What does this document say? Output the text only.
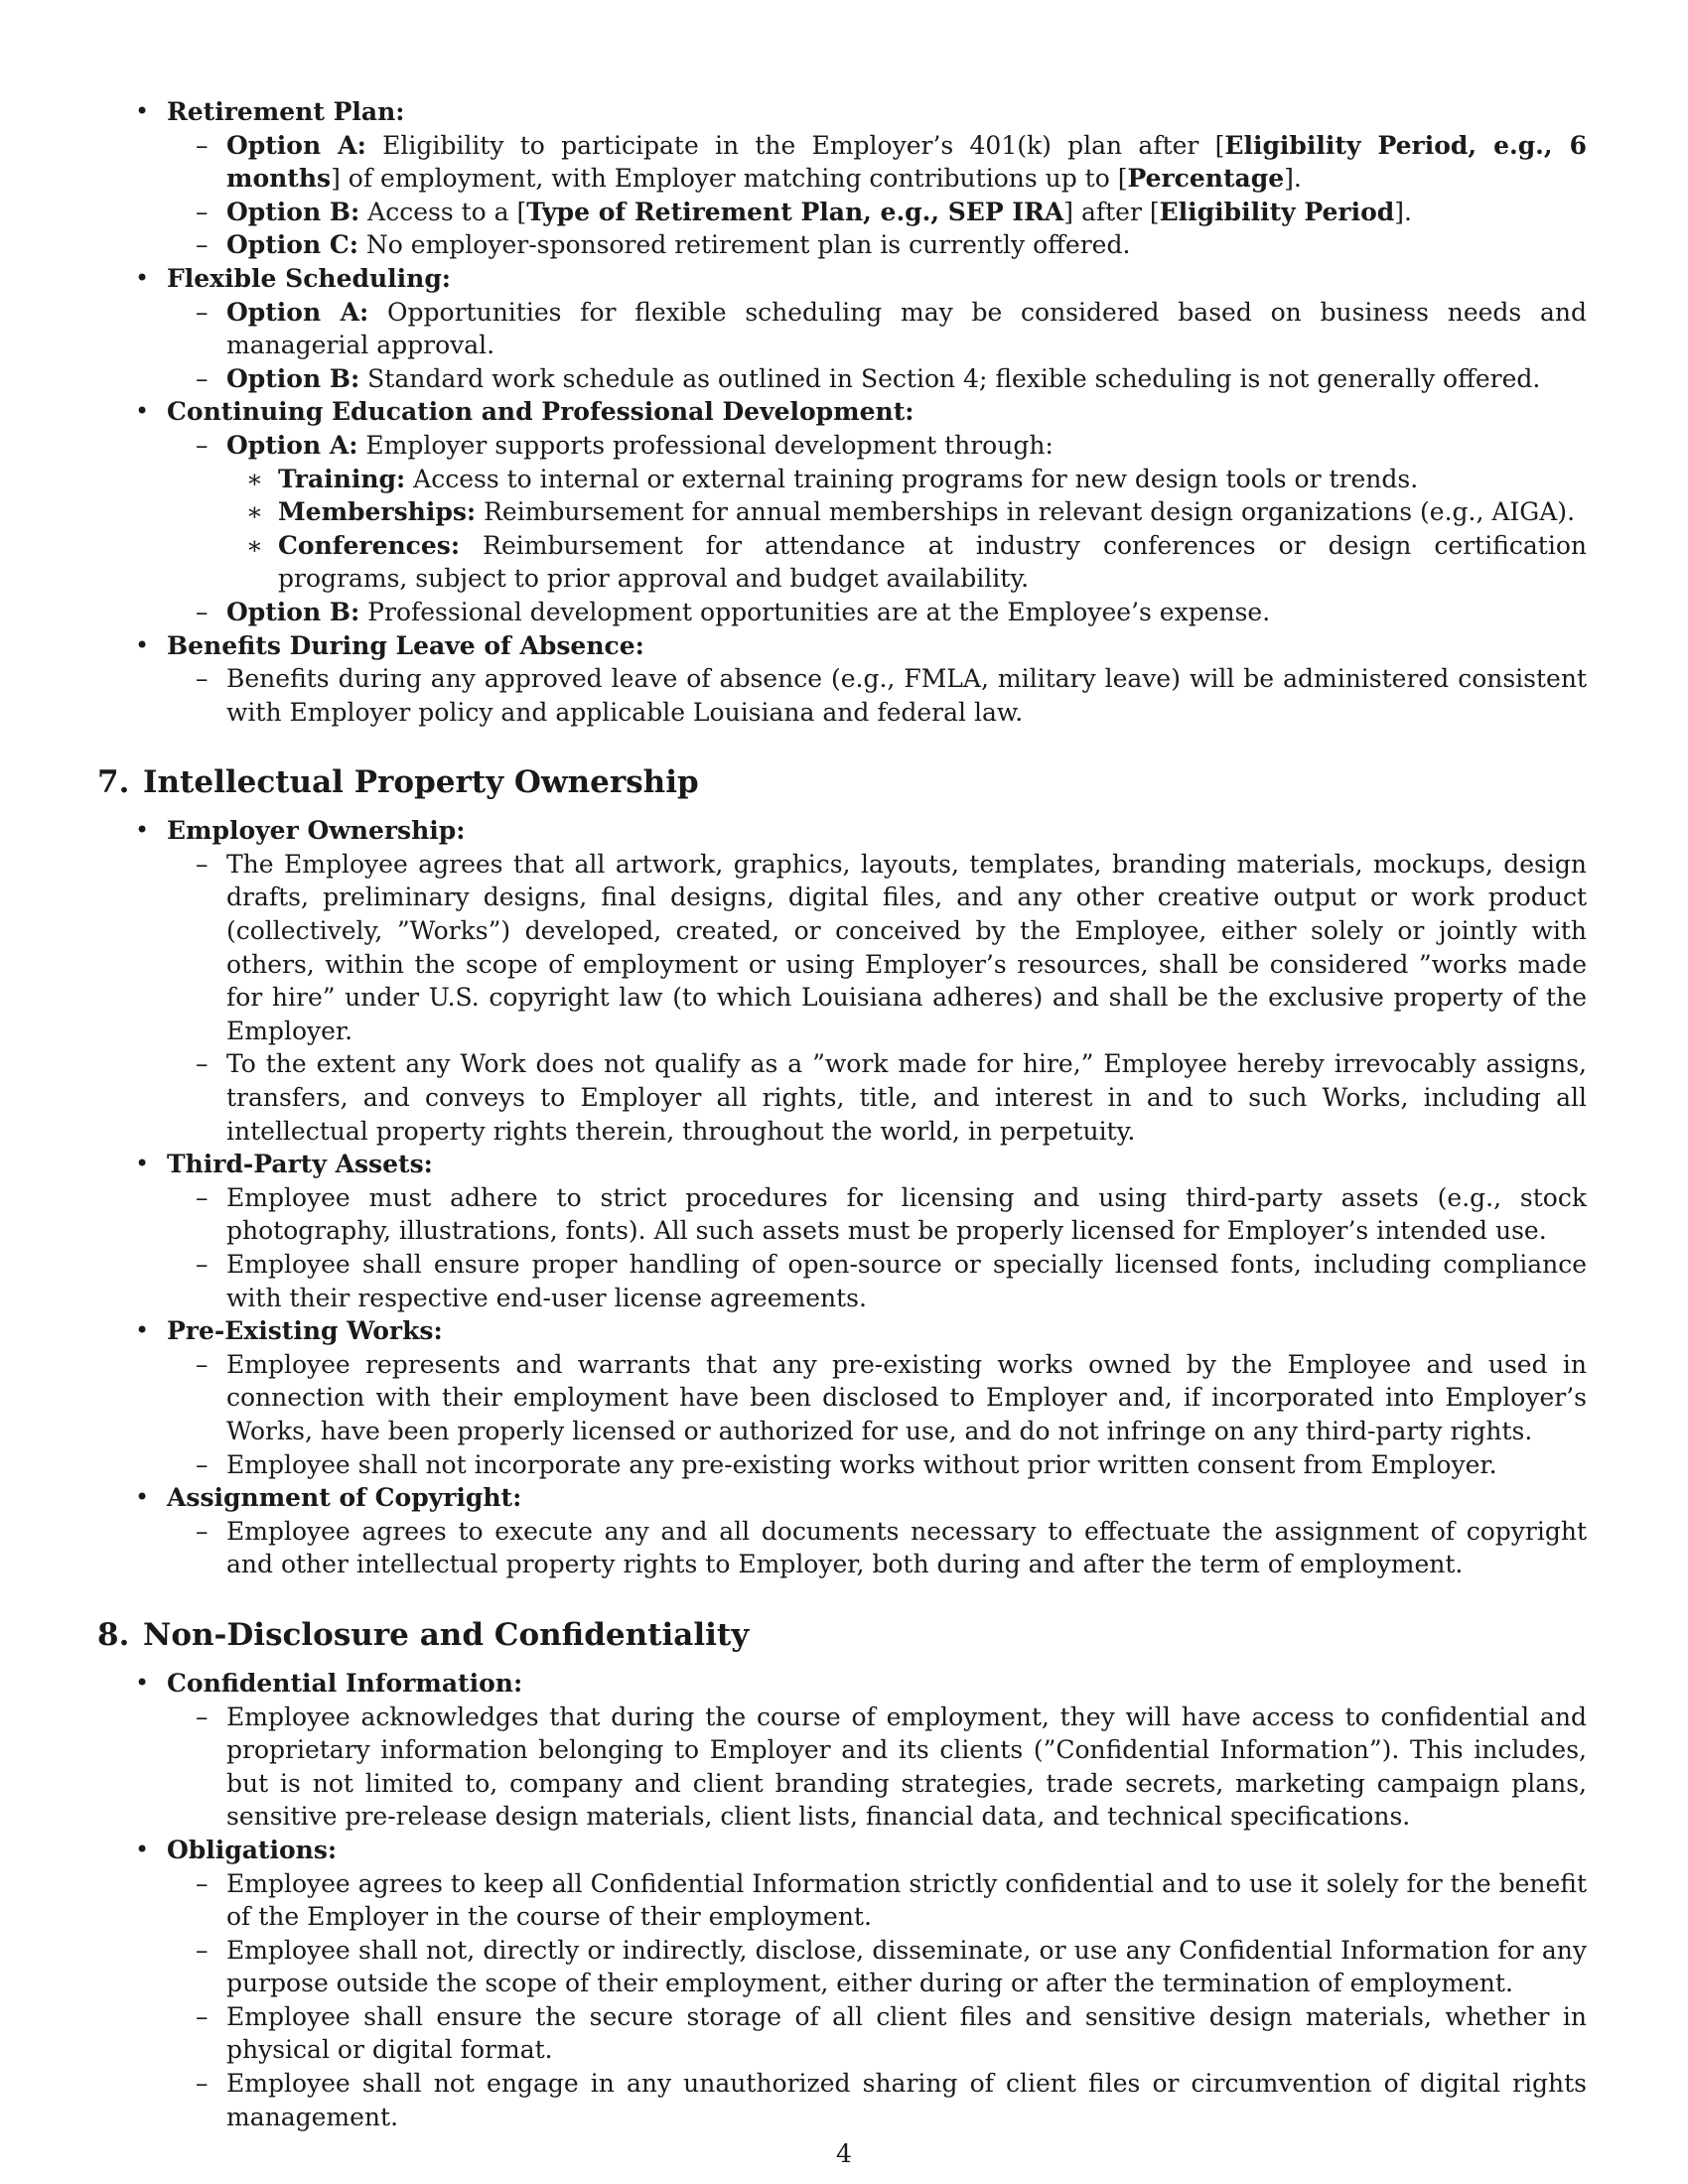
• Retirement Plan:
– Option A: Eligibility to participate in the Employer’s 401(k) plan after [Eligibility Period, e.g., 6 months] of employment, with Employer matching contributions up to [Percentage].
– Option B: Access to a [Type of Retirement Plan, e.g., SEP IRA] after [Eligibility Period].
– Option C: No employer-sponsored retirement plan is currently offered.
• Flexible Scheduling:
– Option A: Opportunities for flexible scheduling may be considered based on business needs and managerial approval.
– Option B: Standard work schedule as outlined in Section 4; flexible scheduling is not generally offered.
• Continuing Education and Professional Development:
– Option A: Employer supports professional development through:
∗ Training: Access to internal or external training programs for new design tools or trends.
∗ Memberships: Reimbursement for annual memberships in relevant design organizations (e.g., AIGA).
∗ Conferences: Reimbursement for attendance at industry conferences or design certification programs, subject to prior approval and budget availability.
– Option B: Professional development opportunities are at the Employee’s expense.
• Benefits During Leave of Absence:
– Benefits during any approved leave of absence (e.g., FMLA, military leave) will be administered consistent with Employer policy and applicable Louisiana and federal law.
7. Intellectual Property Ownership
• Employer Ownership:
– The Employee agrees that all artwork, graphics, layouts, templates, branding materials, mockups, design drafts, preliminary designs, final designs, digital files, and any other creative output or work product (collectively, ”Works”) developed, created, or conceived by the Employee, either solely or jointly with others, within the scope of employment or using Employer’s resources, shall be considered ”works made for hire” under U.S. copyright law (to which Louisiana adheres) and shall be the exclusive property of the Employer.
– To the extent any Work does not qualify as a ”work made for hire,” Employee hereby irrevocably assigns, transfers, and conveys to Employer all rights, title, and interest in and to such Works, including all intellectual property rights therein, throughout the world, in perpetuity.
• Third-Party Assets:
– Employee must adhere to strict procedures for licensing and using third-party assets (e.g., stock photography, illustrations, fonts). All such assets must be properly licensed for Employer’s intended use.
– Employee shall ensure proper handling of open-source or specially licensed fonts, including compliance with their respective end-user license agreements.
• Pre-Existing Works:
– Employee represents and warrants that any pre-existing works owned by the Employee and used in connection with their employment have been disclosed to Employer and, if incorporated into Employer’s Works, have been properly licensed or authorized for use, and do not infringe on any third-party rights.
– Employee shall not incorporate any pre-existing works without prior written consent from Employer.
• Assignment of Copyright:
– Employee agrees to execute any and all documents necessary to effectuate the assignment of copyright and other intellectual property rights to Employer, both during and after the term of employment.
8. Non-Disclosure and Confidentiality
• Confidential Information:
– Employee acknowledges that during the course of employment, they will have access to confidential and proprietary information belonging to Employer and its clients (”Confidential Information”). This includes, but is not limited to, company and client branding strategies, trade secrets, marketing campaign plans, sensitive pre-release design materials, client lists, financial data, and technical specifications.
• Obligations:
– Employee agrees to keep all Confidential Information strictly confidential and to use it solely for the benefit of the Employer in the course of their employment.
– Employee shall not, directly or indirectly, disclose, disseminate, or use any Confidential Information for any purpose outside the scope of their employment, either during or after the termination of employment.
– Employee shall ensure the secure storage of all client files and sensitive design materials, whether in physical or digital format.
– Employee shall not engage in any unauthorized sharing of client files or circumvention of digital rights management.
4
